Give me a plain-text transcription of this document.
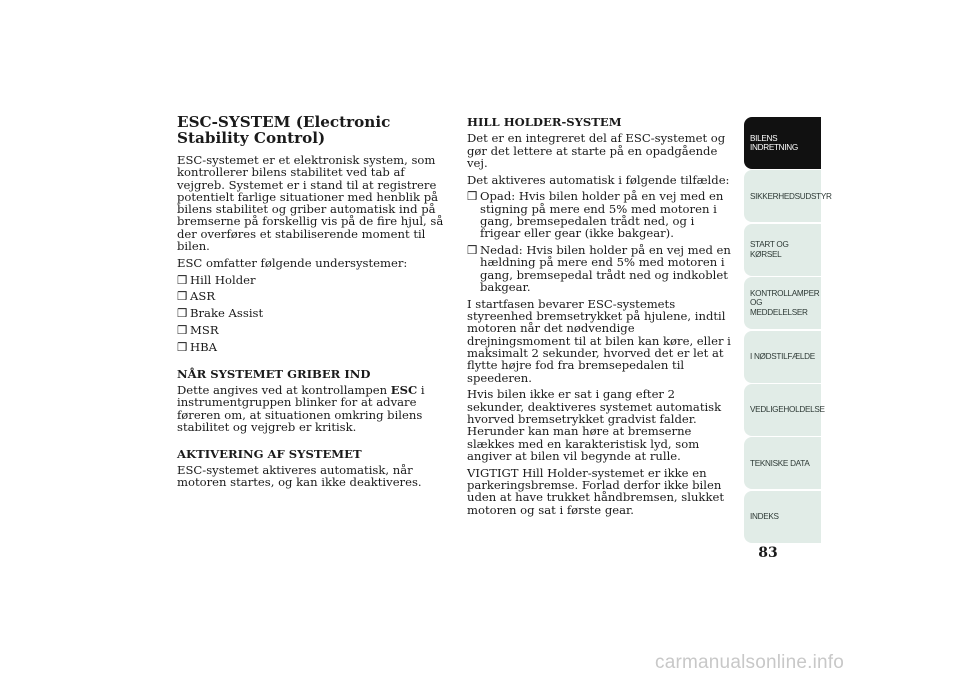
ESC-SYSTEM (Electronic Stability Control)
ESC-systemet er et elektronisk system, som kontrollerer bilens stabilitet ved tab af vejgreb. Systemet er i stand til at registrere potentielt farlige situationer med henblik på bilens stabilitet og griber automatisk ind på bremserne på forskellig vis på de fire hjul, så der overføres et stabiliserende moment til bilen.
ESC omfatter følgende undersystemer:
❒ Hill Holder
❒ ASR
❒ Brake Assist
❒ MSR
❒ HBA
NÅR SYSTEMET GRIBER IND
Dette angives ved at kontrollampen ESC i instrumentgruppen blinker for at advare føreren om, at situationen omkring bilens stabilitet og vejgreb er kritisk.
AKTIVERING AF SYSTEMET
ESC-systemet aktiveres automatisk, når motoren startes, og kan ikke deaktiveres.
HILL HOLDER-SYSTEM
Det er en integreret del af ESC-systemet og gør det lettere at starte på en opadgående vej.
Det aktiveres automatisk i følgende tilfælde:
❒ Opad: Hvis bilen holder på en vej med en stigning på mere end 5% med motoren i gang, bremsepedalen trådt ned, og i frigear eller gear (ikke bakgear).
❒ Nedad: Hvis bilen holder på en vej med en hældning på mere end 5% med motoren i gang, bremsepedal trådt ned og indkoblet bakgear.
I startfasen bevarer ESC-systemets styreenhed bremsetrykket på hjulene, indtil motoren når det nødvendige drejningsmoment til at bilen kan køre, eller i maksimalt 2 sekunder, hvorved det er let at flytte højre fod fra bremsepedalen til speederen.
Hvis bilen ikke er sat i gang efter 2 sekunder, deaktiveres systemet automatisk hvorved bremsetrykket gradvist falder. Herunder kan man høre at bremserne slækkes med en karakteristisk lyd, som angiver at bilen vil begynde at rulle.
VIGTIGT Hill Holder-systemet er ikke en parkeringsbremse. Forlad derfor ikke bilen uden at have trukket håndbremsen, slukket motoren og sat i første gear.
BILENS INDRETNING
SIKKERHEDSUDSTYR
START OG KØRSEL
KONTROLLAMPER OG MEDDELELSER
I NØDSTILFÆLDE
VEDLIGEHOLDELSE
TEKNISKE DATA
INDEKS
83
carmanualsonline.info
